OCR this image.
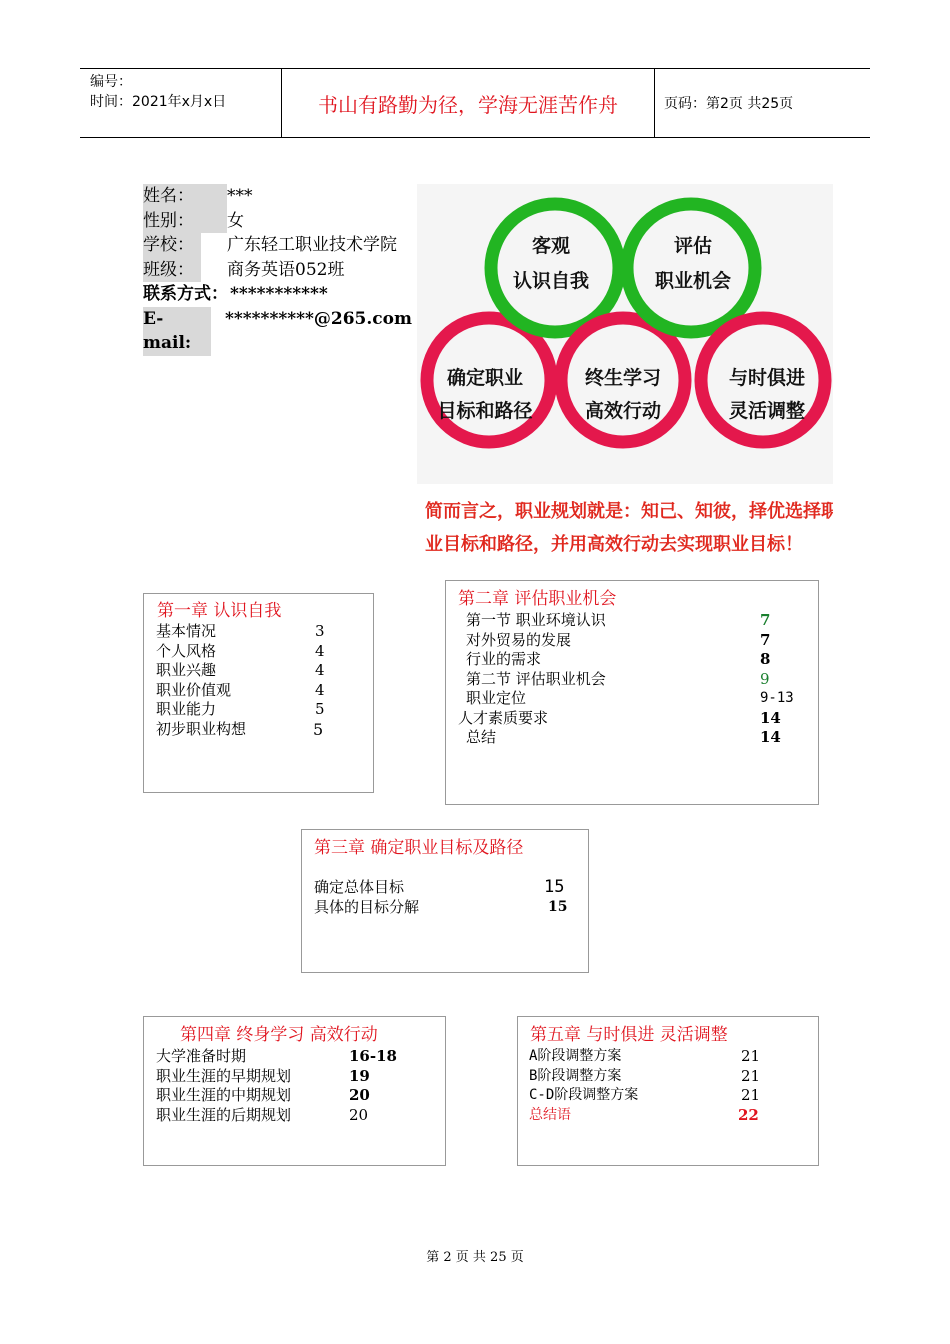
编号：
时间：2021年x月x日	书山有路勤为径，学海无涯苦作舟	页码：第2页 共25页
姓名：	***
性别：	女
学校：	广东轻工职业技术学院
班级：	商务英语052班
联系方式： ***********
E-mail:
**********@265.com
确定职业
目标和路径
客观
认识自我
终生学习
高效行动
评估
职业机会
与时俱进
灵活调整
简而言之，职业规划就是：知己、知彼，择优选择职
业目标和路径，并用高效行动去实现职业目标！
第一章 认识自我
基本情况	3
个人风格	4
职业兴趣	4
职业价值观	4
职业能力	5
初步职业构想	5
第二章 评估职业机会
第一节 职业环境认识	7
对外贸易的发展	7
行业的需求	8
第二节 评估职业机会	9
职业定位	9-13
人才素质要求	14
总结	14
第三章 确定职业目标及路径
确定总体目标	15
具体的目标分解	15
第四章 终身学习 高效行动
大学准备时期	16-18
职业生涯的早期规划	19
职业生涯的中期规划	20
职业生涯的后期规划	20
第五章 与时俱进 灵活调整
A阶段调整方案	21
B阶段调整方案	21
C-D阶段调整方案	21
总结语	22
第 2 页 共 25 页
